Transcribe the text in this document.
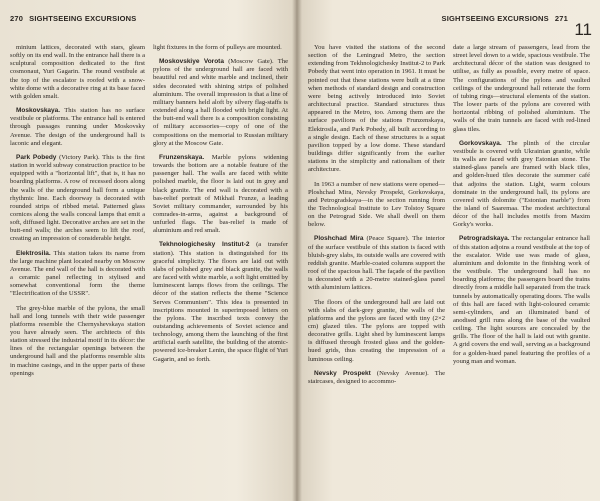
270 SIGHTSEEING EXCURSIONS

minium lattices, decorated with stars, gleam softly on its end wall. In the entrance hall there is a sculptural composition dedicated to the first cosmonaut, Yuri Gagarin. The round vestibule at the top of the escalator is roofed with a snow-white dome with a decorative ring at its base faced with golden smalt.

Moskovskaya. This station has no surface vestibule or platforms. The entrance hall is entered through passages running under Moskovsky Avenue. The design of the underground hall is laconic and elegant.

Park Pobedy (Victory Park). This is the first station in world subway construction practice to be equipped with a "horizontal lift", that is, it has no boarding platforms. A row of recessed doors along the walls of the underground hall form a unique rhythmic line. Each doorway is decorated with rounded strips of ribbed metal. Patterned glass cornices along the walls conceal lamps that emit a soft, diffused light. Decorative arches are set in the butt-end walls; the arches seem to lift the roof, creating an impression of considerable height.

Elektrosila. This station takes its name from the large machine plant located nearby on Moscow Avenue. The end wall of the hall is decorated with a ceramic panel reflecting in stylised and somewhat conventional form the theme "Electrification of the USSR".

The grey-blue marble of the pylons, the small hall and long tunnels with their wide passenger platforms resemble the Chernyshevskaya station you have already seen. The architects of this station stressed the industrial motif in its décor: the lines of the rectangular openings between the underground hall and the platforms resemble slits in machine casings, and in the upper parts of these openings

light fixtures in the form of pulleys are mounted.

Moskovskiye Vorota (Moscow Gate). The pylons of the underground hall are faced with beautiful red and white marble and inclined, their sides decorated with shining strips of polished aluminium. The overall impression is that a line of military banners held aloft by silvery flag-staffs is extended along a hall flooded with bright light. At the butt-end wall there is a composition consisting of military accessories—copy of one of the compositions on the memorial to Russian military glory at the Moscow Gate.

Frunzenskaya. Marble pylons widening towards the bottom are a notable feature of the passenger hall. The walls are faced with white polished marble, the floor is laid out in grey and black granite. The end wall is decorated with a bas-relief portrait of Mikhail Frunze, a leading Soviet military commander, surrounded by his comrades-in-arms, against a background of unfurled flags. The bas-relief is made of aluminium and red smalt.

Tekhnologichesky Institut-2 (a transfer station). This station is distinguished for its graceful simplicity. The floors are laid out with slabs of polished grey and black granite, the walls are faced with white marble, a soft light emitted by luminescent lamps flows from the ceilings. The décor of the station reflects the theme "Science Serves Communism". This idea is presented in inscriptions mounted in superimposed letters on the pylons. The inscribed texts convey the outstanding achievements of Soviet science and technology, among them the launching of the first artificial earth satellite, the building of the atomic-powered ice-breaker Lenin, the space flight of Yuri Gagarin, and so forth.

SIGHTSEEING EXCURSIONS 271
11

You have visited the stations of the second section of the Leningrad Metro, the section extending from Tekhnologichesky Institut-2 to Park Pobedy that went into operation in 1961. It must be pointed out that these stations were built at a time when methods of standard design and construction were being actively introduced into Soviet architectural practice. Standard structures thus appeared in the Metro, too. Among them are the surface pavilions of the stations Frunzenskaya, Elektrosila, and Park Pobedy, all built according to a single design. Each of these structures is a squat pavilion topped by a low dome. These standard buildings differ significantly from the earlier stations in the simplicity and rationalism of their architecture.

In 1963 a number of new stations were opened—Ploshchad Mira, Nevsky Prospekt, Gorkovskaya, and Petrogradskaya—in the section running from the Technological Institute to Lev Tolstoy Square on the Petrograd Side. We shall dwell on them below.

Ploshchad Mira (Peace Square). The interior of the surface vestibule of this station is faced with bluish-grey slabs, its outside walls are covered with reddish granite. Marble-coated columns support the roof of the spacious hall. The façade of the pavilion is decorated with a 20-metre stained-glass panel with aluminium lattices.

The floors of the underground hall are laid out with slabs of dark-grey granite, the walls of the platforms and the pylons are faced with tiny (2×2 cm) glazed tiles. The pylons are topped with decorative grills. Light shed by luminescent lamps is diffused through frosted glass and the golden-hued grids, thus creating the impression of a luminous ceiling.

Nevsky Prospekt (Nevsky Avenue). The staircases, designed to accommo-

date a large stream of passengers, lead from the street level down to a wide, spacious vestibule. The architectural décor of the station was designed to utilise, as fully as possible, every metre of space. The configurations of the pylons and vaulted ceilings of the underground hall reiterate the form of tubing rings—structural elements of the station. The lower parts of the pylons are covered with horizontal ribbing of polished aluminium. The walls of the train tunnels are faced with red-lined glass tiles.

Gorkovskaya. The plinth of the circular vestibule is covered with Ukrainian granite, while its walls are faced with grey Estonian stone. The stained-glass panels are framed with black tiles, and golden-hued tiles decorate the summer café that adjoins the station. Light, warm colours dominate in the underground hall, its pylons are covered with dolomite ("Estonian marble") from the island of Saaremaa. The modest architectural décor of the hall includes motifs from Maxim Gorky's works.

Petrogradskaya. The rectangular entrance hall of this station adjoins a round vestibule at the top of the escalator. Wide use was made of glass, aluminium and dolomite in the finishing work of the vestibule. The underground hall has no boarding platforms; the passengers board the trains directly from a middle hall separated from the track tunnels by automatically operating doors. The walls of this hall are faced with light-coloured ceramic semi-cylinders, and an illuminated band of anodised grill runs along the base of the vaulted ceiling. The light sources are concealed by the grills. The floor of the hall is laid out with granite. A grid covers the end wall, serving as a background for a golden-hued panel featuring the profiles of a young man and woman.
